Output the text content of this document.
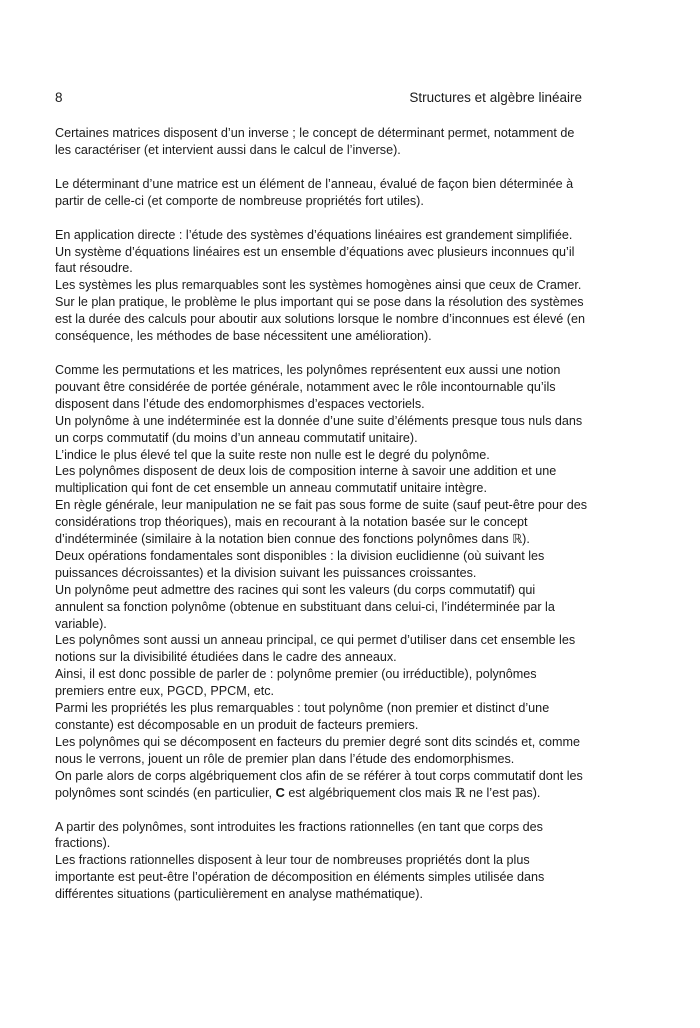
8	Structures et algèbre linéaire

Certaines matrices disposent d’un inverse ; le concept de déterminant permet, notamment de
les caractériser (et intervient aussi dans le calcul de l’inverse).

Le déterminant d’une matrice est un élément de l’anneau, évalué de façon bien déterminée à
partir de celle-ci (et comporte de nombreuse propriétés fort utiles).

En application directe : l’étude des systèmes d’équations linéaires est grandement simplifiée.
Un système d’équations linéaires est un ensemble d’équations avec plusieurs inconnues qu’il
faut résoudre.
Les systèmes les plus remarquables sont les systèmes homogènes ainsi que ceux de Cramer.
Sur le plan pratique, le problème le plus important qui se pose dans la résolution des systèmes
est la durée des calculs pour aboutir aux solutions lorsque le nombre d’inconnues est élevé (en
conséquence, les méthodes de base nécessitent une amélioration).

Comme les permutations et les matrices, les polynômes représentent eux aussi une notion
pouvant être considérée de portée générale, notamment avec le rôle incontournable qu’ils
disposent dans l’étude des endomorphismes d’espaces vectoriels.
Un polynôme à une indéterminée est la donnée d’une suite d’éléments presque tous nuls dans
un corps commutatif (du moins d’un anneau commutatif unitaire).
L’indice le plus élevé tel que la suite reste non nulle est le degré du polynôme.
Les polynômes disposent de deux lois de composition interne à savoir une addition et une
multiplication qui font de cet ensemble un anneau commutatif unitaire intègre.
En règle générale, leur manipulation ne se fait pas sous forme de suite (sauf peut-être pour des
considérations trop théoriques), mais en recourant à la notation basée sur le concept
d’indéterminée (similaire à la notation bien connue des fonctions polynômes dans ℝ).
Deux opérations fondamentales sont disponibles : la division euclidienne (où suivant les
puissances décroissantes) et la division suivant les puissances croissantes.
Un polynôme peut admettre des racines qui sont les valeurs (du corps commutatif) qui
annulent sa fonction polynôme (obtenue en substituant dans celui-ci, l’indéterminée par la
variable).
Les polynômes sont aussi un anneau principal, ce qui permet d’utiliser dans cet ensemble les
notions sur la divisibilité étudiées dans le cadre des anneaux.
Ainsi, il est donc possible de parler de : polynôme premier (ou irréductible), polynômes
premiers entre eux, PGCD, PPCM, etc.
Parmi les propriétés les plus remarquables : tout polynôme (non premier et distinct d’une
constante) est décomposable en un produit de facteurs premiers.
Les polynômes qui se décomposent en facteurs du premier degré sont dits scindés et, comme
nous le verrons, jouent un rôle de premier plan dans l’étude des endomorphismes.
On parle alors de corps algébriquement clos afin de se référer à tout corps commutatif dont les
polynômes sont scindés (en particulier, C est algébriquement clos mais ℝ ne l’est pas).

A partir des polynômes, sont introduites les fractions rationnelles (en tant que corps des
fractions).
Les fractions rationnelles disposent à leur tour de nombreuses propriétés dont la plus
importante est peut-être l’opération de décomposition en éléments simples utilisée dans
différentes situations (particulièrement en analyse mathématique).
